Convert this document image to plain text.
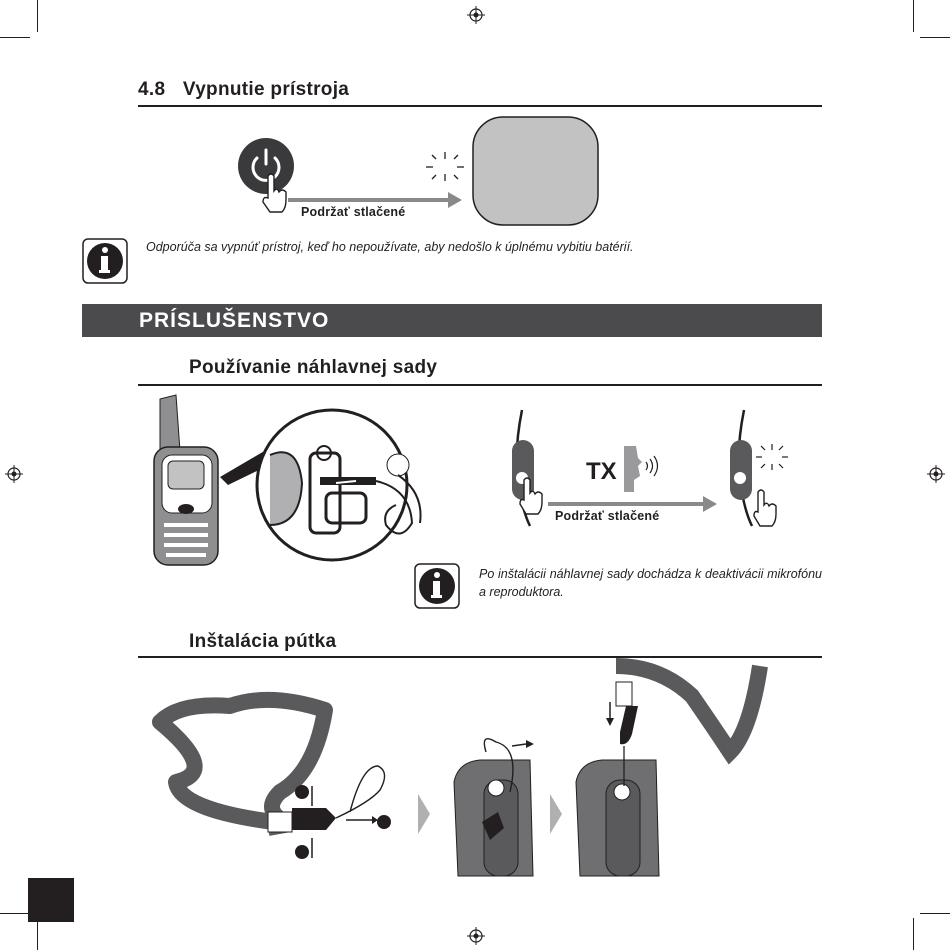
4.8 Vypnutie prístroja
Podržať stlačené
Odporúča sa vypnúť prístroj, keď ho nepoužívate, aby nedošlo k úplnému vybitiu batérií.
PRÍSLUŠENSTVO
Používanie náhlavnej sady
TX
Podržať stlačené
Po inštalácii náhlavnej sady dochádza k deaktivácii mikrofónu a reproduktora.
Inštalácia pútka
